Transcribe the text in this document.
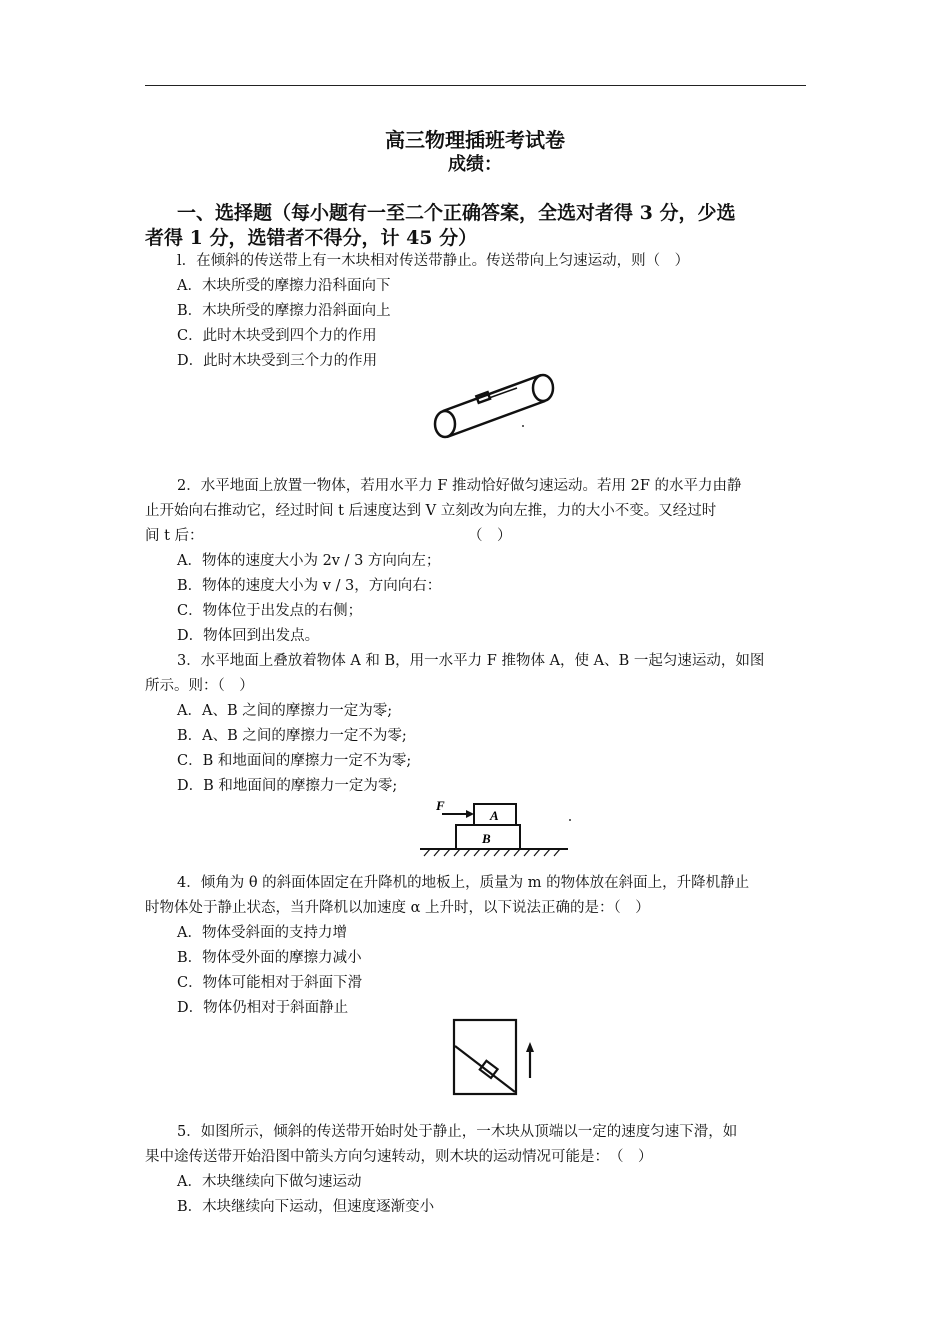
高三物理插班考试卷
成绩：
一、选择题（每小题有一至二个正确答案，全选对者得 3 分，少选
者得 1 分，选错者不得分，计 45 分）
l．在倾斜的传送带上有一木块相对传送带静止。传送带向上匀速运动，则（　）
A．木块所受的摩擦力沿科面向下
B．木块所受的摩擦力沿斜面向上
C．此时木块受到四个力的作用
D．此时木块受到三个力的作用
2．水平地面上放置一物体，若用水平力 F 推动恰好做匀速运动。若用 2F 的水平力由静
止开始向右推动它，经过时间 t 后速度达到 V 立刻改为向左推，力的大小不变。又经过时
间 t 后：	（　）
A．物体的速度大小为 2v / 3 方向向左；
B．物体的速度大小为 v / 3，方向向右：
C．物体位于出发点的右侧；
D．物体回到出发点。
3．水平地面上叠放着物体 A 和 B，用一水平力 F 推物体 A，使 A、B 一起匀速运动，如图
所示。则：（　）
A．A、B 之间的摩擦力一定为零;
B．A、B 之间的摩擦力一定不为零;
C．B 和地面间的摩擦力一定不为零;
D．B 和地面间的摩擦力一定为零;
F
A
B
4．倾角为 θ 的斜面体固定在升降机的地板上，质量为 m 的物体放在斜面上，升降机静止
时物体处于静止状态，当升降机以加速度 α 上升时，以下说法正确的是：（　）
A．物体受斜面的支持力增
B．物体受外面的摩擦力减小
C．物体可能相对于斜面下滑
D．物体仍相对于斜面静止
5．如图所示，倾斜的传送带开始时处于静止，一木块从顶端以一定的速度匀速下滑，如
果中途传送带开始沿图中箭头方向匀速转动，则木块的运动情况可能是：　（　）
A．木块继续向下做匀速运动
B．木块继续向下运动，但速度逐渐变小
